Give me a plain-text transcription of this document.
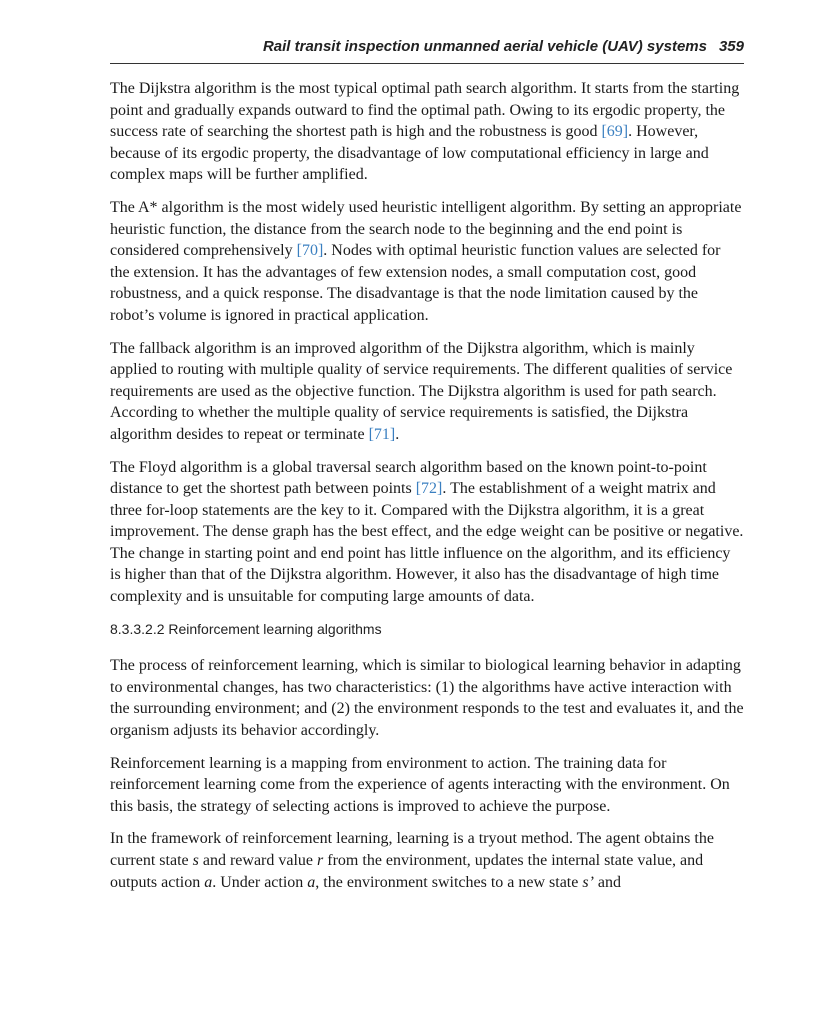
Rail transit inspection unmanned aerial vehicle (UAV) systems 359

The Dijkstra algorithm is the most typical optimal path search algorithm. It starts from the starting point and gradually expands outward to find the optimal path. Owing to its ergodic property, the success rate of searching the shortest path is high and the robustness is good [69]. However, because of its ergodic property, the disadvantage of low computational efficiency in large and complex maps will be further amplified.

The A* algorithm is the most widely used heuristic intelligent algorithm. By setting an appropriate heuristic function, the distance from the search node to the beginning and the end point is considered comprehensively [70]. Nodes with optimal heuristic function values are selected for the extension. It has the advantages of few extension nodes, a small computation cost, good robustness, and a quick response. The disadvantage is that the node limitation caused by the robot’s volume is ignored in practical application.

The fallback algorithm is an improved algorithm of the Dijkstra algorithm, which is mainly applied to routing with multiple quality of service requirements. The different qualities of service requirements are used as the objective function. The Dijkstra algorithm is used for path search. According to whether the multiple quality of service requirements is satisfied, the Dijkstra algorithm desides to repeat or terminate [71].

The Floyd algorithm is a global traversal search algorithm based on the known point-to-point distance to get the shortest path between points [72]. The establishment of a weight matrix and three for-loop statements are the key to it. Compared with the Dijkstra algorithm, it is a great improvement. The dense graph has the best effect, and the edge weight can be positive or negative. The change in starting point and end point has little influence on the algorithm, and its efficiency is higher than that of the Dijkstra algorithm. However, it also has the disadvantage of high time complexity and is unsuitable for computing large amounts of data.

8.3.3.2.2 Reinforcement learning algorithms

The process of reinforcement learning, which is similar to biological learning behavior in adapting to environmental changes, has two characteristics: (1) the algorithms have active interaction with the surrounding environment; and (2) the environment responds to the test and evaluates it, and the organism adjusts its behavior accordingly.

Reinforcement learning is a mapping from environment to action. The training data for reinforcement learning come from the experience of agents interacting with the environment. On this basis, the strategy of selecting actions is improved to achieve the purpose.

In the framework of reinforcement learning, learning is a tryout method. The agent obtains the current state s and reward value r from the environment, updates the internal state value, and outputs action a. Under action a, the environment switches to a new state s’ and
